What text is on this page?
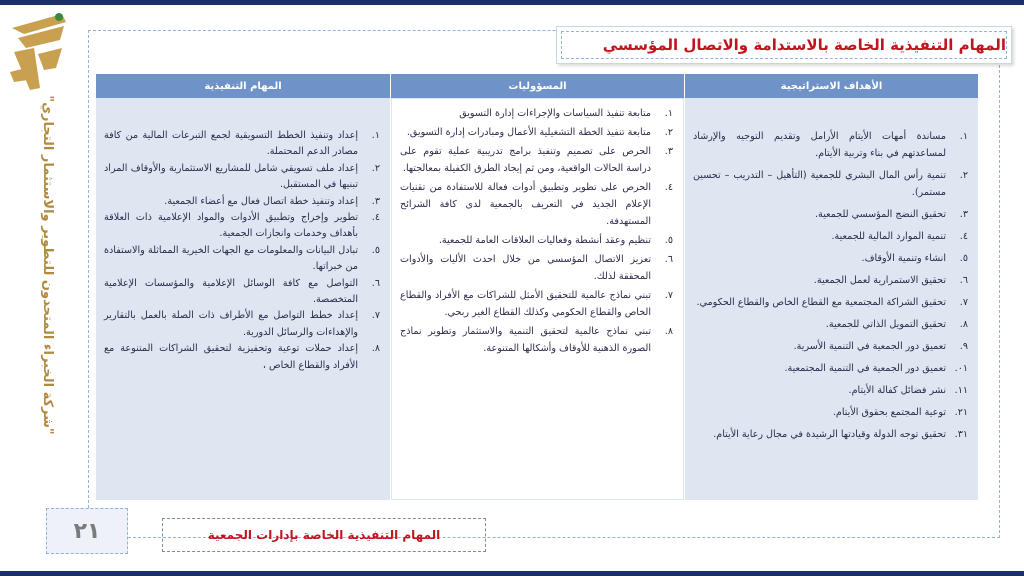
"شركة الخبراء المتحدون للتطوير والاستثمار التجاري"
المهام التنفيذية الخاصة بالاستدامة والاتصال المؤسسي
الأهداف الاستراتيجية
١.
مساندة أمهات الأيتام الأرامل وتقديم التوجيه والإرشاد لمساعدتهم في بناء وتربية الأيتام.
٢.
تنمية رأس المال البشري للجمعية (التأهيل – التدريب – تحسين مستمر).
٣.
تحقيق النضج المؤسسي للجمعية.
٤.
تنمية الموارد المالية للجمعية.
٥.
انشاء وتنمية الأوقاف.
٦.
تحقيق الاستمرارية لعمل الجمعية.
٧.
تحقيق الشراكة المجتمعية مع القطاع الخاص والقطاع الحكومي.
٨.
تحقيق التمويل الذاتي للجمعية.
٩.
تعميق دور الجمعية في التنمية الأسرية.
٠١.
تعميق دور الجمعية في التنمية المجتمعية.
١١.
نشر فضائل كفالة الأيتام.
٢١.
توعية المجتمع بحقوق الأيتام.
٣١.
تحقيق توجه الدولة وقيادتها الرشيدة في مجال رعاية الأيتام.
المسؤوليات
١.
متابعة تنفيذ السياسات والإجراءات إدارة التسويق
٢.
متابعة تنفيذ الخطة التشغيلية الأعمال ومبادرات إدارة التسويق.
٣.
الحرص على تصميم وتنفيذ برامج تدريبية عملية تقوم على دراسة الحالات الواقعية، ومن ثم إيجاد الطرق الكفيلة بمعالجتها.
٤.
الحرص على تطوير وتطبيق أدوات فعالة للاستفادة من تقنيات الإعلام الجديد في التعريف بالجمعية لدى كافة الشرائح المستهدفة.
٥.
تنظيم وعقد أنشطة وفعاليات العلاقات العامة للجمعية.
٦.
تعزيز الاتصال المؤسسي من خلال احدث الأليات والأدوات المحققة لذلك.
٧.
تبني نماذج عالمية للتحقيق الأمثل للشراكات مع الأفراد والقطاع الخاص والقطاع الحكومي وكذلك القطاع الغير ربحي.
٨.
تبني نماذج عالمية لتحقيق التنمية والاستثمار وتطوير نماذج الصورة الذهنية للأوقاف وأشكالها المتنوعة.
المهام التنفيذية
١.
إعداد وتنفيذ الخطط التسويقية لجمع التبرعات المالية من كافة مصادر الدعم المحتملة.
٢.
إعداد ملف تسويقي شامل للمشاريع الاستثمارية والأوقاف المراد تبنيها في المستقبل.
٣.
إعداد وتنفيذ خطة اتصال فعال مع أعضاء الجمعية.
٤.
تطوير وإخراج وتطبيق الأدوات والمواد الإعلامية ذات العلاقة بأهداف وخدمات وانجازات الجمعية.
٥.
تبادل البيانات والمعلومات مع الجهات الخيرية المماثلة والاستفادة من خبراتها.
٦.
التواصل مع كافة الوسائل الإعلامية والمؤسسات الإعلامية المتخصصة.
٧.
إعداد خطط التواصل مع الأطراف ذات الصلة بالعمل بالتقارير والإهداءات والرسائل الدورية.
٨.
إعداد حملات توعية وتحفيزية لتحقيق الشراكات المتنوعة مع الأفراد والقطاع الخاص ،
٢١	المهام التنفيذية الخاصة بإدارات الجمعية
